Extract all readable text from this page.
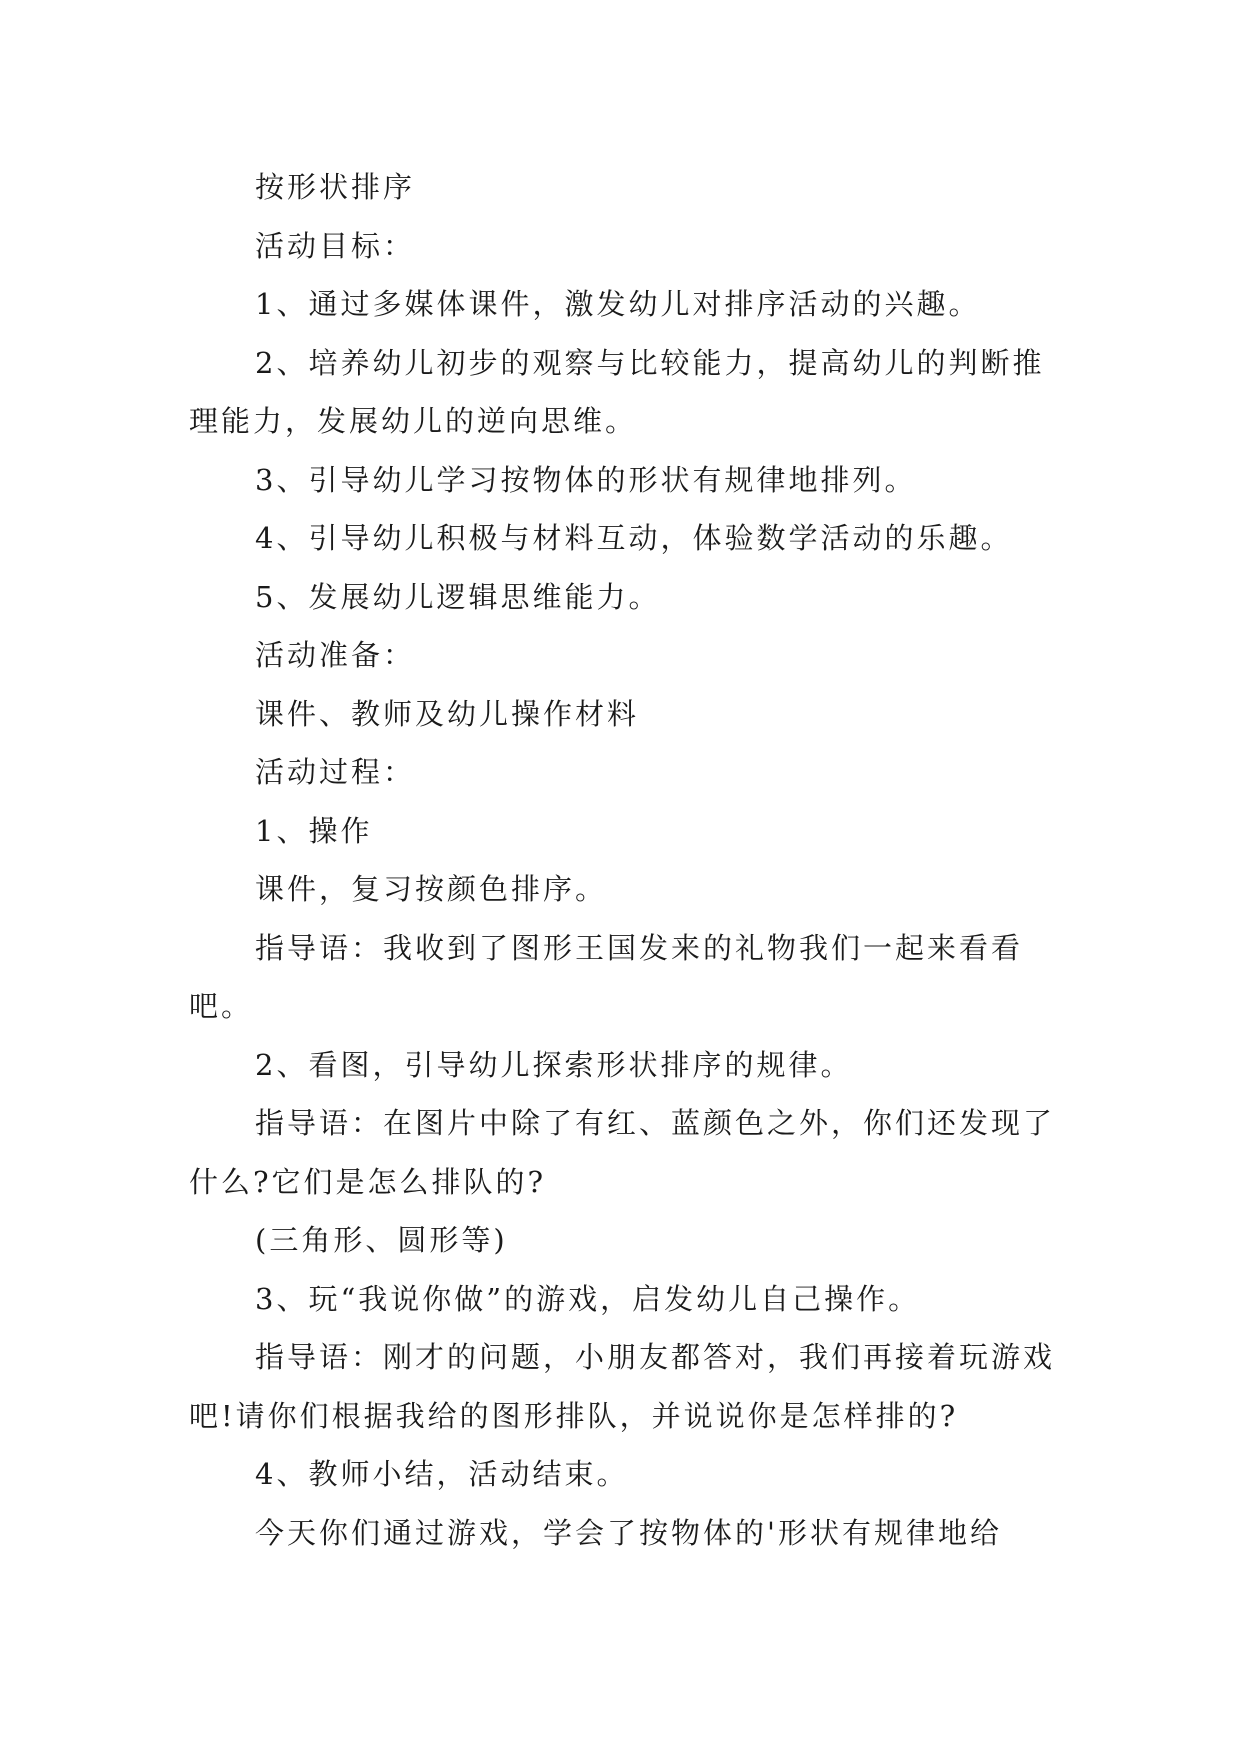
按形状排序

活动目标：

1、通过多媒体课件，激发幼儿对排序活动的兴趣。

2、培养幼儿初步的观察与比较能力，提高幼儿的判断推理能力，发展幼儿的逆向思维。

3、引导幼儿学习按物体的形状有规律地排列。

4、引导幼儿积极与材料互动，体验数学活动的乐趣。

5、发展幼儿逻辑思维能力。

活动准备：

课件、教师及幼儿操作材料

活动过程：

1、操作

课件，复习按颜色排序。

指导语：我收到了图形王国发来的礼物我们一起来看看吧。

2、看图，引导幼儿探索形状排序的规律。

指导语：在图片中除了有红、蓝颜色之外，你们还发现了什么?它们是怎么排队的?

(三角形、圆形等)

3、玩“我说你做”的游戏，启发幼儿自己操作。

指导语：刚才的问题，小朋友都答对，我们再接着玩游戏吧!请你们根据我给的图形排队，并说说你是怎样排的?

4、教师小结，活动结束。

今天你们通过游戏，学会了按物体的'形状有规律地给
